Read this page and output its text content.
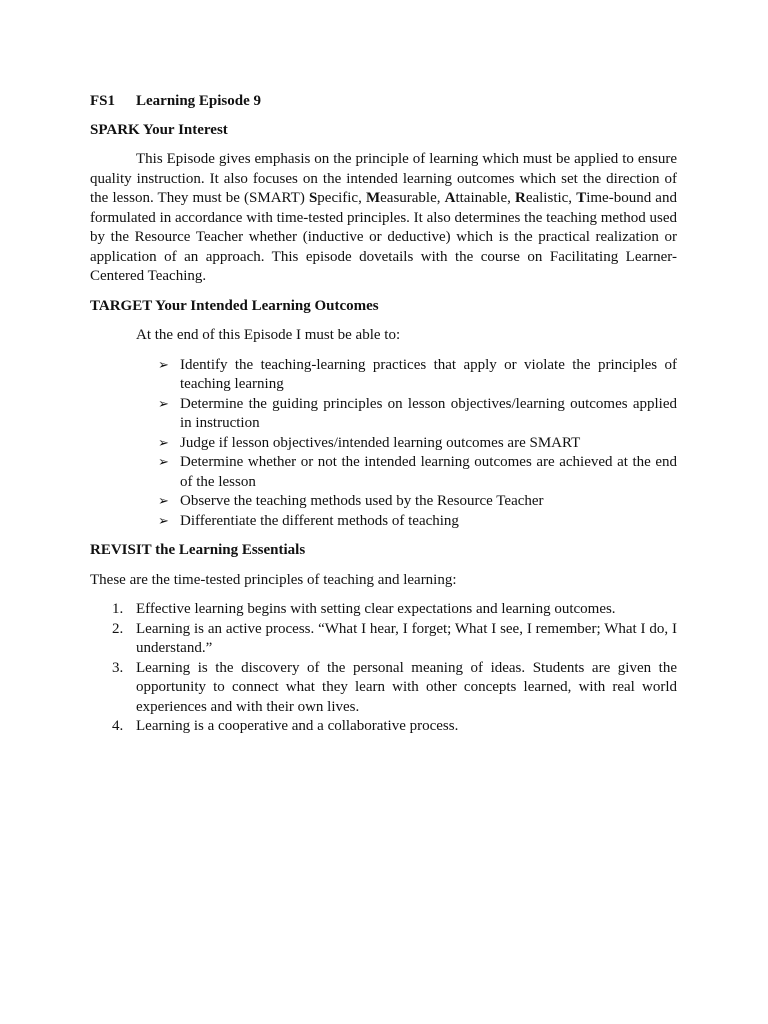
FS1 Learning Episode 9
SPARK Your Interest

This Episode gives emphasis on the principle of learning which must be applied to ensure quality instruction. It also focuses on the intended learning outcomes which set the direction of the lesson. They must be (SMART) Specific, Measurable, Attainable, Realistic, Time-bound and formulated in accordance with time-tested principles. It also determines the teaching method used by the Resource Teacher whether (inductive or deductive) which is the practical realization or application of an approach. This episode dovetails with the course on Facilitating Learner-Centered Teaching.

TARGET Your Intended Learning Outcomes

At the end of this Episode I must be able to:

➢ Identify the teaching-learning practices that apply or violate the principles of teaching learning
➢ Determine the guiding principles on lesson objectives/learning outcomes applied in instruction
➢ Judge if lesson objectives/intended learning outcomes are SMART
➢ Determine whether or not the intended learning outcomes are achieved at the end of the lesson
➢ Observe the teaching methods used by the Resource Teacher
➢ Differentiate the different methods of teaching
REVISIT the Learning Essentials

These are the time-tested principles of teaching and learning:

1. Effective learning begins with setting clear expectations and learning outcomes.
2. Learning is an active process. “What I hear, I forget; What I see, I remember; What I do, I understand.”
3. Learning is the discovery of the personal meaning of ideas. Students are given the opportunity to connect what they learn with other concepts learned, with real world experiences and with their own lives.
4. Learning is a cooperative and a collaborative process.
